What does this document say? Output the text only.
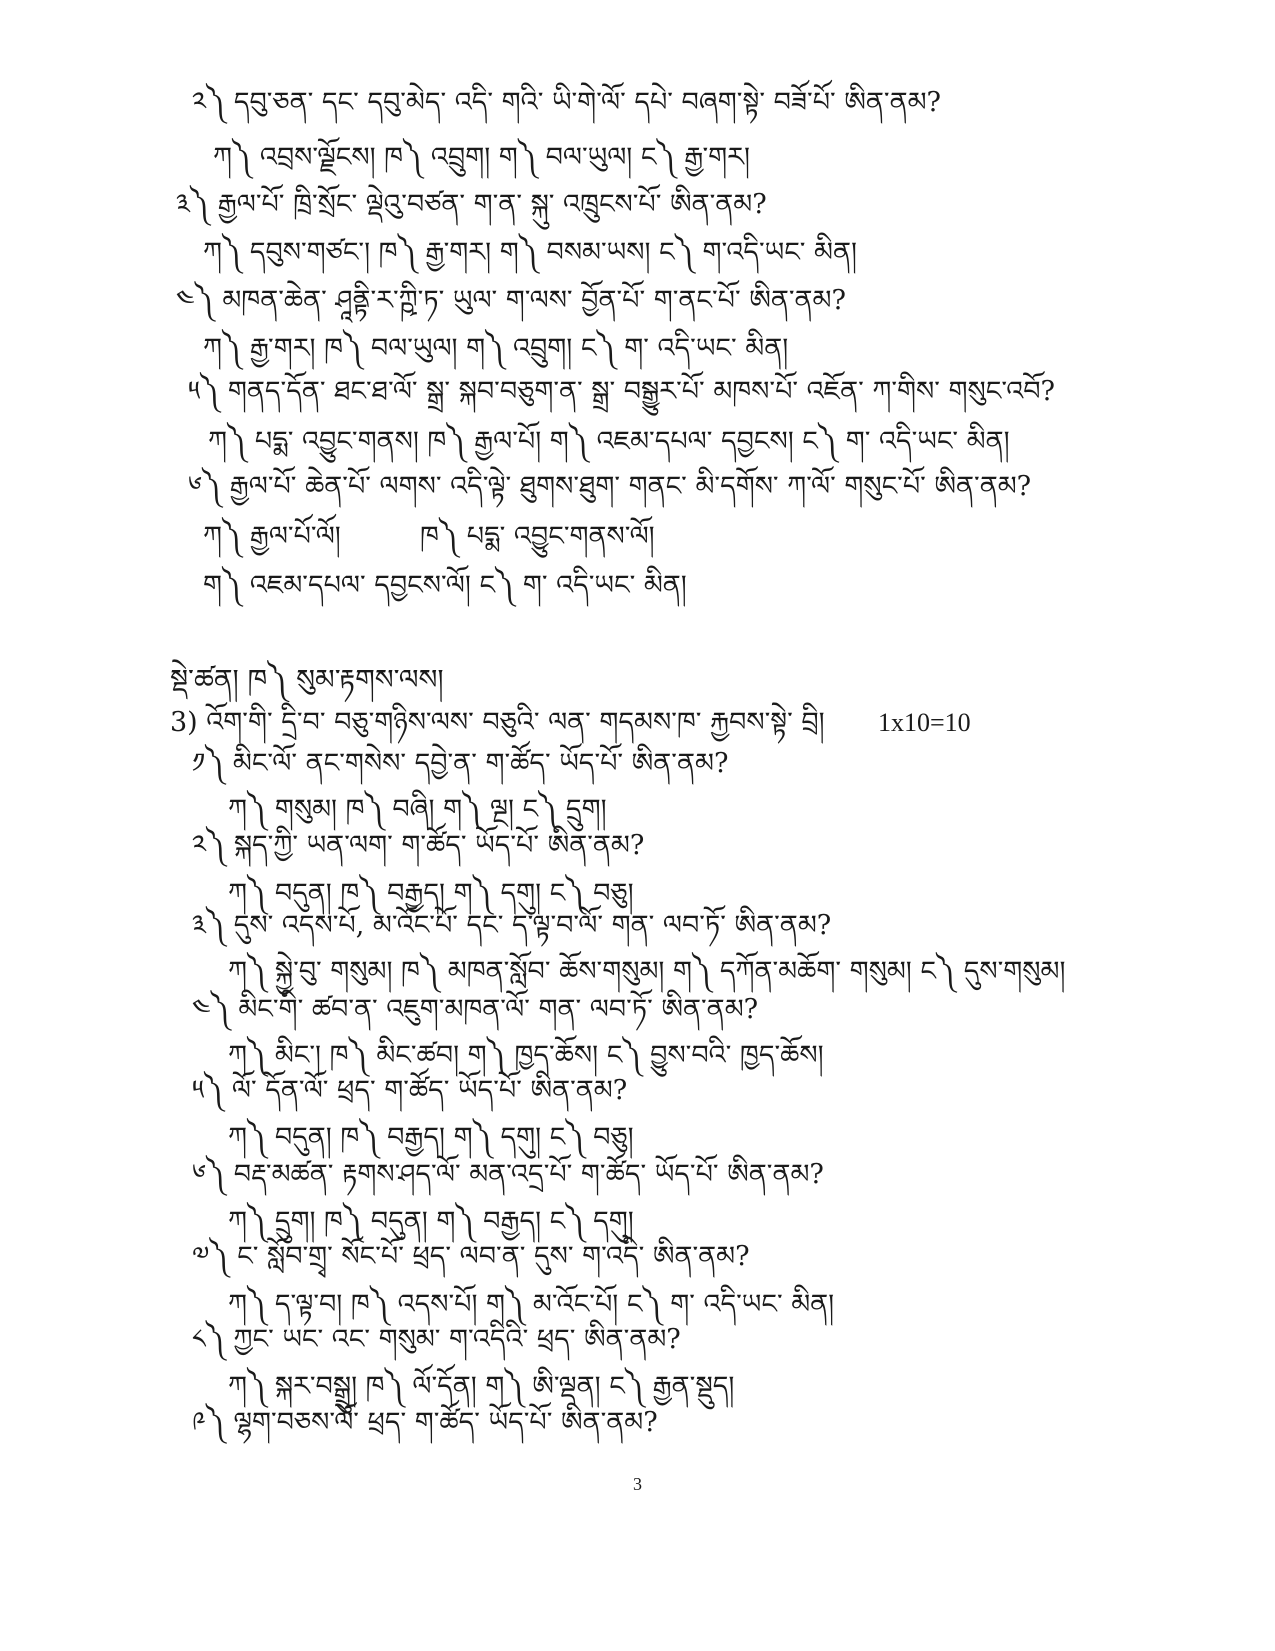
༢༽ དབུ་ཅན་ དང་ དབུ་མེད་ འདི་ གའི་ ཡི་གེ་ལོ་ དཔེ་ བཞག་སྟེ་ བཟོ་པོ་ ཨིན་ནམ?
ཀ༽ འབྲས་ལྗོངས། ཁ༽ འབྲུག། ག༽ བལ་ཡུལ། ང༽ རྒྱ་གར།
༣༽ རྒྱལ་པོ་ ཁྲི་སྲོང་ ལྡེའུ་བཙན་ ག་ན་ སྐུ་ འཁྲུངས་པོ་ ཨིན་ནམ?
ཀ༽ དབུས་གཙང་། ཁ༽ རྒྱ་གར། ག༽ བསམ་ཡས། ང༽ ག་འདི་ཡང་ མིན།
༤༽ མཁན་ཆེན་ ཤཱནྟི་ར་ཀྵི་ཏ་ ཡུལ་ ག་ལས་ བྱོན་པོ་ ག་ནང་པོ་ ཨིན་ནམ?
ཀ༽ རྒྱ་གར། ཁ༽ བལ་ཡུལ། ག༽ འབྲུག། ང༽ ག་ འདི་ཡང་ མིན།
༥༽ གནད་དོན་ ཐང་ཐ་ལོ་ སྒྲ་ སྐབ་བཅུག་ན་ སྒྲ་ བསྒྱུར་པོ་ མཁས་པོ་ འཇོན་ ཀ་གིས་ གསུང་འབོ?
ཀ༽ པདྨ་ འབྱུང་གནས། ཁ༽ རྒྱལ་པོ། ག༽ འཇམ་དཔལ་ དབྱངས། ང༽ ག་ འདི་ཡང་ མིན།
༦༽ རྒྱལ་པོ་ ཆེན་པོ་ ལགས་ འདི་ལྟེ་ ཐུགས་ཐུག་ གནང་ མི་དགོས་ ཀ་ལོ་ གསུང་པོ་ ཨིན་ནམ?
ཀ༽ རྒྱལ་པོ་ལོ།	ཁ༽ པདྨ་ འབྱུང་གནས་ལོ།
ག༽ འཇམ་དཔལ་ དབྱངས་ལོ། ང༽ ག་ འདི་ཡང་ མིན།
སྡེ་ཚན། ཁ༽ སུམ་རྟགས་ལས།
3) འོག་གི་ དྲི་བ་ བཅུ་གཉིས་ལས་ བཅུའི་ ལན་ གདམས་ཁ་ རྐྱབས་སྟེ་ བྲི། 1x10=10
༡༽ མིང་ལོ་ ནང་གསེས་ དབྱེ་ན་ ག་ཚོད་ ཡོད་པོ་ ཨིན་ནམ?
ཀ༽ གསུམ། ཁ༽ བཞི། ག༽ ལྔ། ང༽ དྲུག།
༢༽ སྐད་ཀྱི་ ཡན་ལག་ ག་ཚོད་ ཡོད་པོ་ ཨིན་ནམ?
ཀ༽ བདུན། ཁ༽ བརྒྱད། ག༽ དགུ། ང༽ བཅུ།
༣༽ དུས་ འདས་པོ, མ་འོང་པོ་ དང་ ད་ལྟ་བ་ལོ་ གན་ ལབ་ཏོ་ ཨིན་ནམ?
ཀ༽ སྐྱེ་བུ་ གསུམ། ཁ༽ མཁན་སློབ་ ཆོས་གསུམ། ག༽ དཀོན་མཆོག་ གསུམ། ང༽ དུས་གསུམ།
༤༽ མིང་གི་ ཚབ་ན་ འཇུག་མཁན་ལོ་ གན་ ལབ་ཏོ་ ཨིན་ནམ?
ཀ༽ མིང་། ཁ༽ མིང་ཚབ། ག༽ ཁྱད་ཆོས། ང༽ བྱུས་བའི་ ཁྱད་ཆོས།
༥༽ ལོ་ དོན་ལོ་ ཕྲད་ ག་ཚོད་ ཡོད་པོ་ ཨིན་ནམ?
ཀ༽ བདུན། ཁ༽ བརྒྱད། ག༽ དགུ། ང༽ བཅུ།
༦༽ བརྡ་མཚན་ རྟགས་ཤད་ལོ་ མན་འདྲ་པོ་ ག་ཚོད་ ཡོད་པོ་ ཨིན་ནམ?
ཀ༽ དྲུག། ཁ༽ བདུན། ག༽ བརྒྱད། ང༽ དགུ།
༧༽ ང་ སློབ་གྲྭ་ སོང་པོ་ ཕྲད་ ལབ་ན་ དུས་ ག་འདི་ ཨིན་ནམ?
ཀ༽ ད་ལྟ་བ། ཁ༽ འདས་པོ། ག༽ མ་འོང་པོ། ང༽ ག་ འདི་ཡང་ མིན།
༨༽ ཀྱང་ ཡང་ འང་ གསུམ་ ག་འདིའི་ ཕྲད་ ཨིན་ནམ?
ཀ༽ སྐར་བསྒྲུ། ཁ༽ ལོ་དོན། ག༽ ཨི་ལྡན། ང༽ རྒྱན་སྡུད།
༩༽ ལྷག་བཅས་ལོ་ ཕྲད་ ག་ཚོད་ ཡོད་པོ་ ཨིན་ནམ?
3
